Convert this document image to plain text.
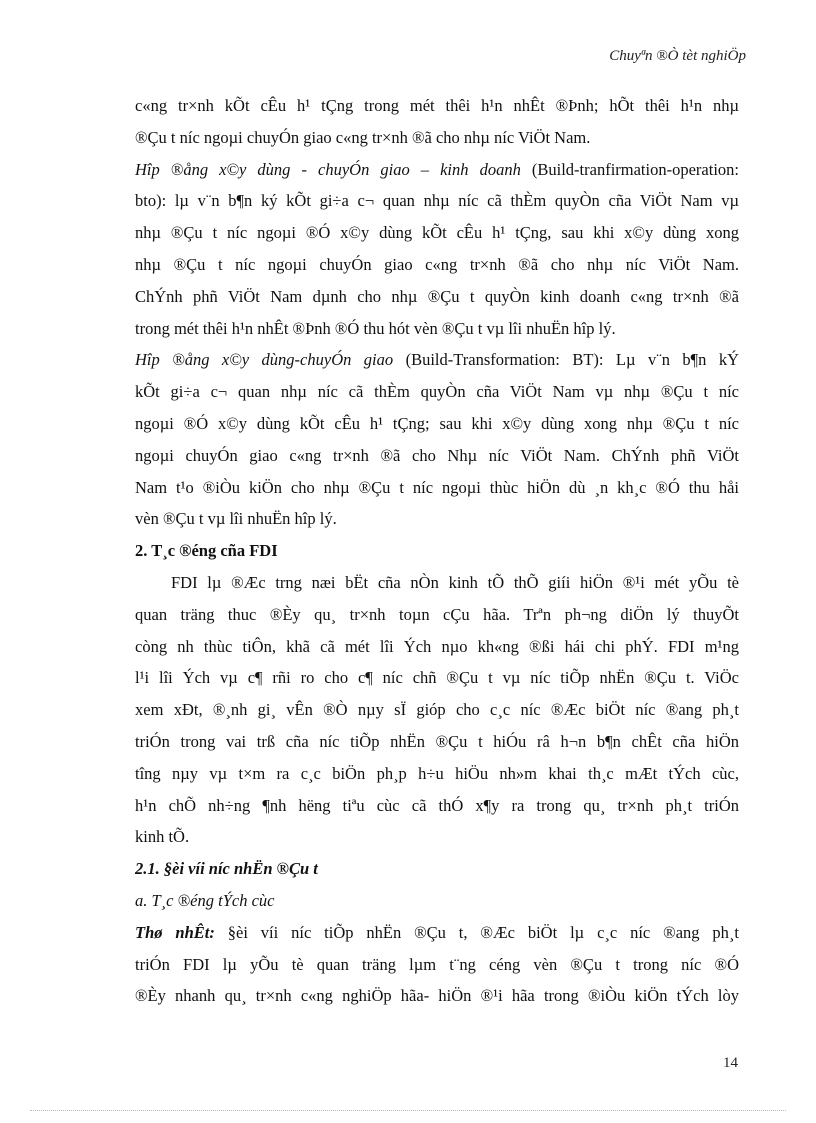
Chuyªn ®Ò tèt nghiÖp
c«ng tr×nh kÕt cÊu h¹ tÇng trong mét thêi h¹n nhÊt ®Þnh; hÕt thêi h¹n nhµ
®Çu t níc ngoµi chuyÓn giao c«ng tr×nh ®ã cho nhµ níc ViÖt Nam.
Hîp ®ång x©y dùng - chuyÓn giao – kinh doanh (Build-tranfirmation-operation:
bto): lµ v¨n b¶n ký kÕt gi÷a c¬ quan nhµ níc cã thÈm quyÒn cña ViÖt Nam vµ
nhµ ®Çu t níc ngoµi ®Ó x©y dùng kÕt cÊu h¹ tÇng, sau khi x©y dùng xong
nhµ ®Çu t níc ngoµi chuyÓn giao c«ng tr×nh ®ã cho nhµ níc ViÖt Nam.
ChÝnh phñ ViÖt Nam dµnh cho nhµ ®Çu t quyÒn kinh doanh c«ng tr×nh ®ã
trong mét thêi h¹n nhÊt ®Þnh ®Ó thu hót vèn ®Çu t vµ lîi nhuËn hîp lý.
Hîp ®ång x©y dùng-chuyÓn giao (Build-Transformation: BT): Lµ v¨n b¶n kÝ
kÕt gi÷a c¬ quan nhµ níc cã thÈm quyÒn cña ViÖt Nam vµ nhµ ®Çu t níc
ngoµi ®Ó x©y dùng kÕt cÊu h¹ tÇng; sau khi x©y dùng xong nhµ ®Çu t níc
ngoµi chuyÓn giao c«ng tr×nh ®ã cho Nhµ níc ViÖt Nam. ChÝnh phñ ViÖt
Nam t¹o ®iÒu kiÖn cho nhµ ®Çu t níc ngoµi thùc hiÖn dù ¸n kh¸c ®Ó thu håi
vèn ®Çu t vµ lîi nhuËn hîp lý.
2. T¸c ®éng cña FDI
FDI lµ ®Æc trng næi bËt cña nÒn kinh tÕ thÕ giíi hiÖn ®¹i mét yÕu tè
quan träng thuc ®Èy qu¸ tr×nh toµn cÇu hãa. Trªn ph¬ng diÖn lý thuyÕt
còng nh thùc tiÔn, khã cã mét lîi Ých nµo kh«ng ®ßi hái chi phÝ. FDI m¹ng
l¹i lîi Ých vµ c¶ rñi ro cho c¶ níc chñ ®Çu t vµ níc tiÕp nhËn ®Çu t. ViÖc
xem xÐt, ®¸nh gi¸ vÊn ®Ò nµy sÏ gióp cho c¸c níc ®Æc biÖt níc ®ang ph¸t
triÓn trong vai trß cña níc tiÕp nhËn ®Çu t hiÓu râ h¬n b¶n chÊt cña hiÖn
tîng nµy vµ t×m ra c¸c biÖn ph¸p h÷u hiÖu nh»m khai th¸c mÆt tÝch cùc,
h¹n chÕ nh÷ng ¶nh hëng tiªu cùc cã thÓ x¶y ra trong qu¸ tr×nh ph¸t triÓn
kinh tÕ.
2.1. §èi víi níc nhËn ®Çu t
a. T¸c ®éng tÝch cùc
Thø nhÊt: §èi víi níc tiÕp nhËn ®Çu t, ®Æc biÖt lµ c¸c níc ®ang ph¸t
triÓn FDI lµ yÕu tè quan träng lµm t¨ng céng vèn ®Çu t trong níc ®Ó
®Èy nhanh qu¸ tr×nh c«ng nghiÖp hãa- hiÖn ®¹i hãa trong ®iÒu kiÖn tÝch lòy
14
